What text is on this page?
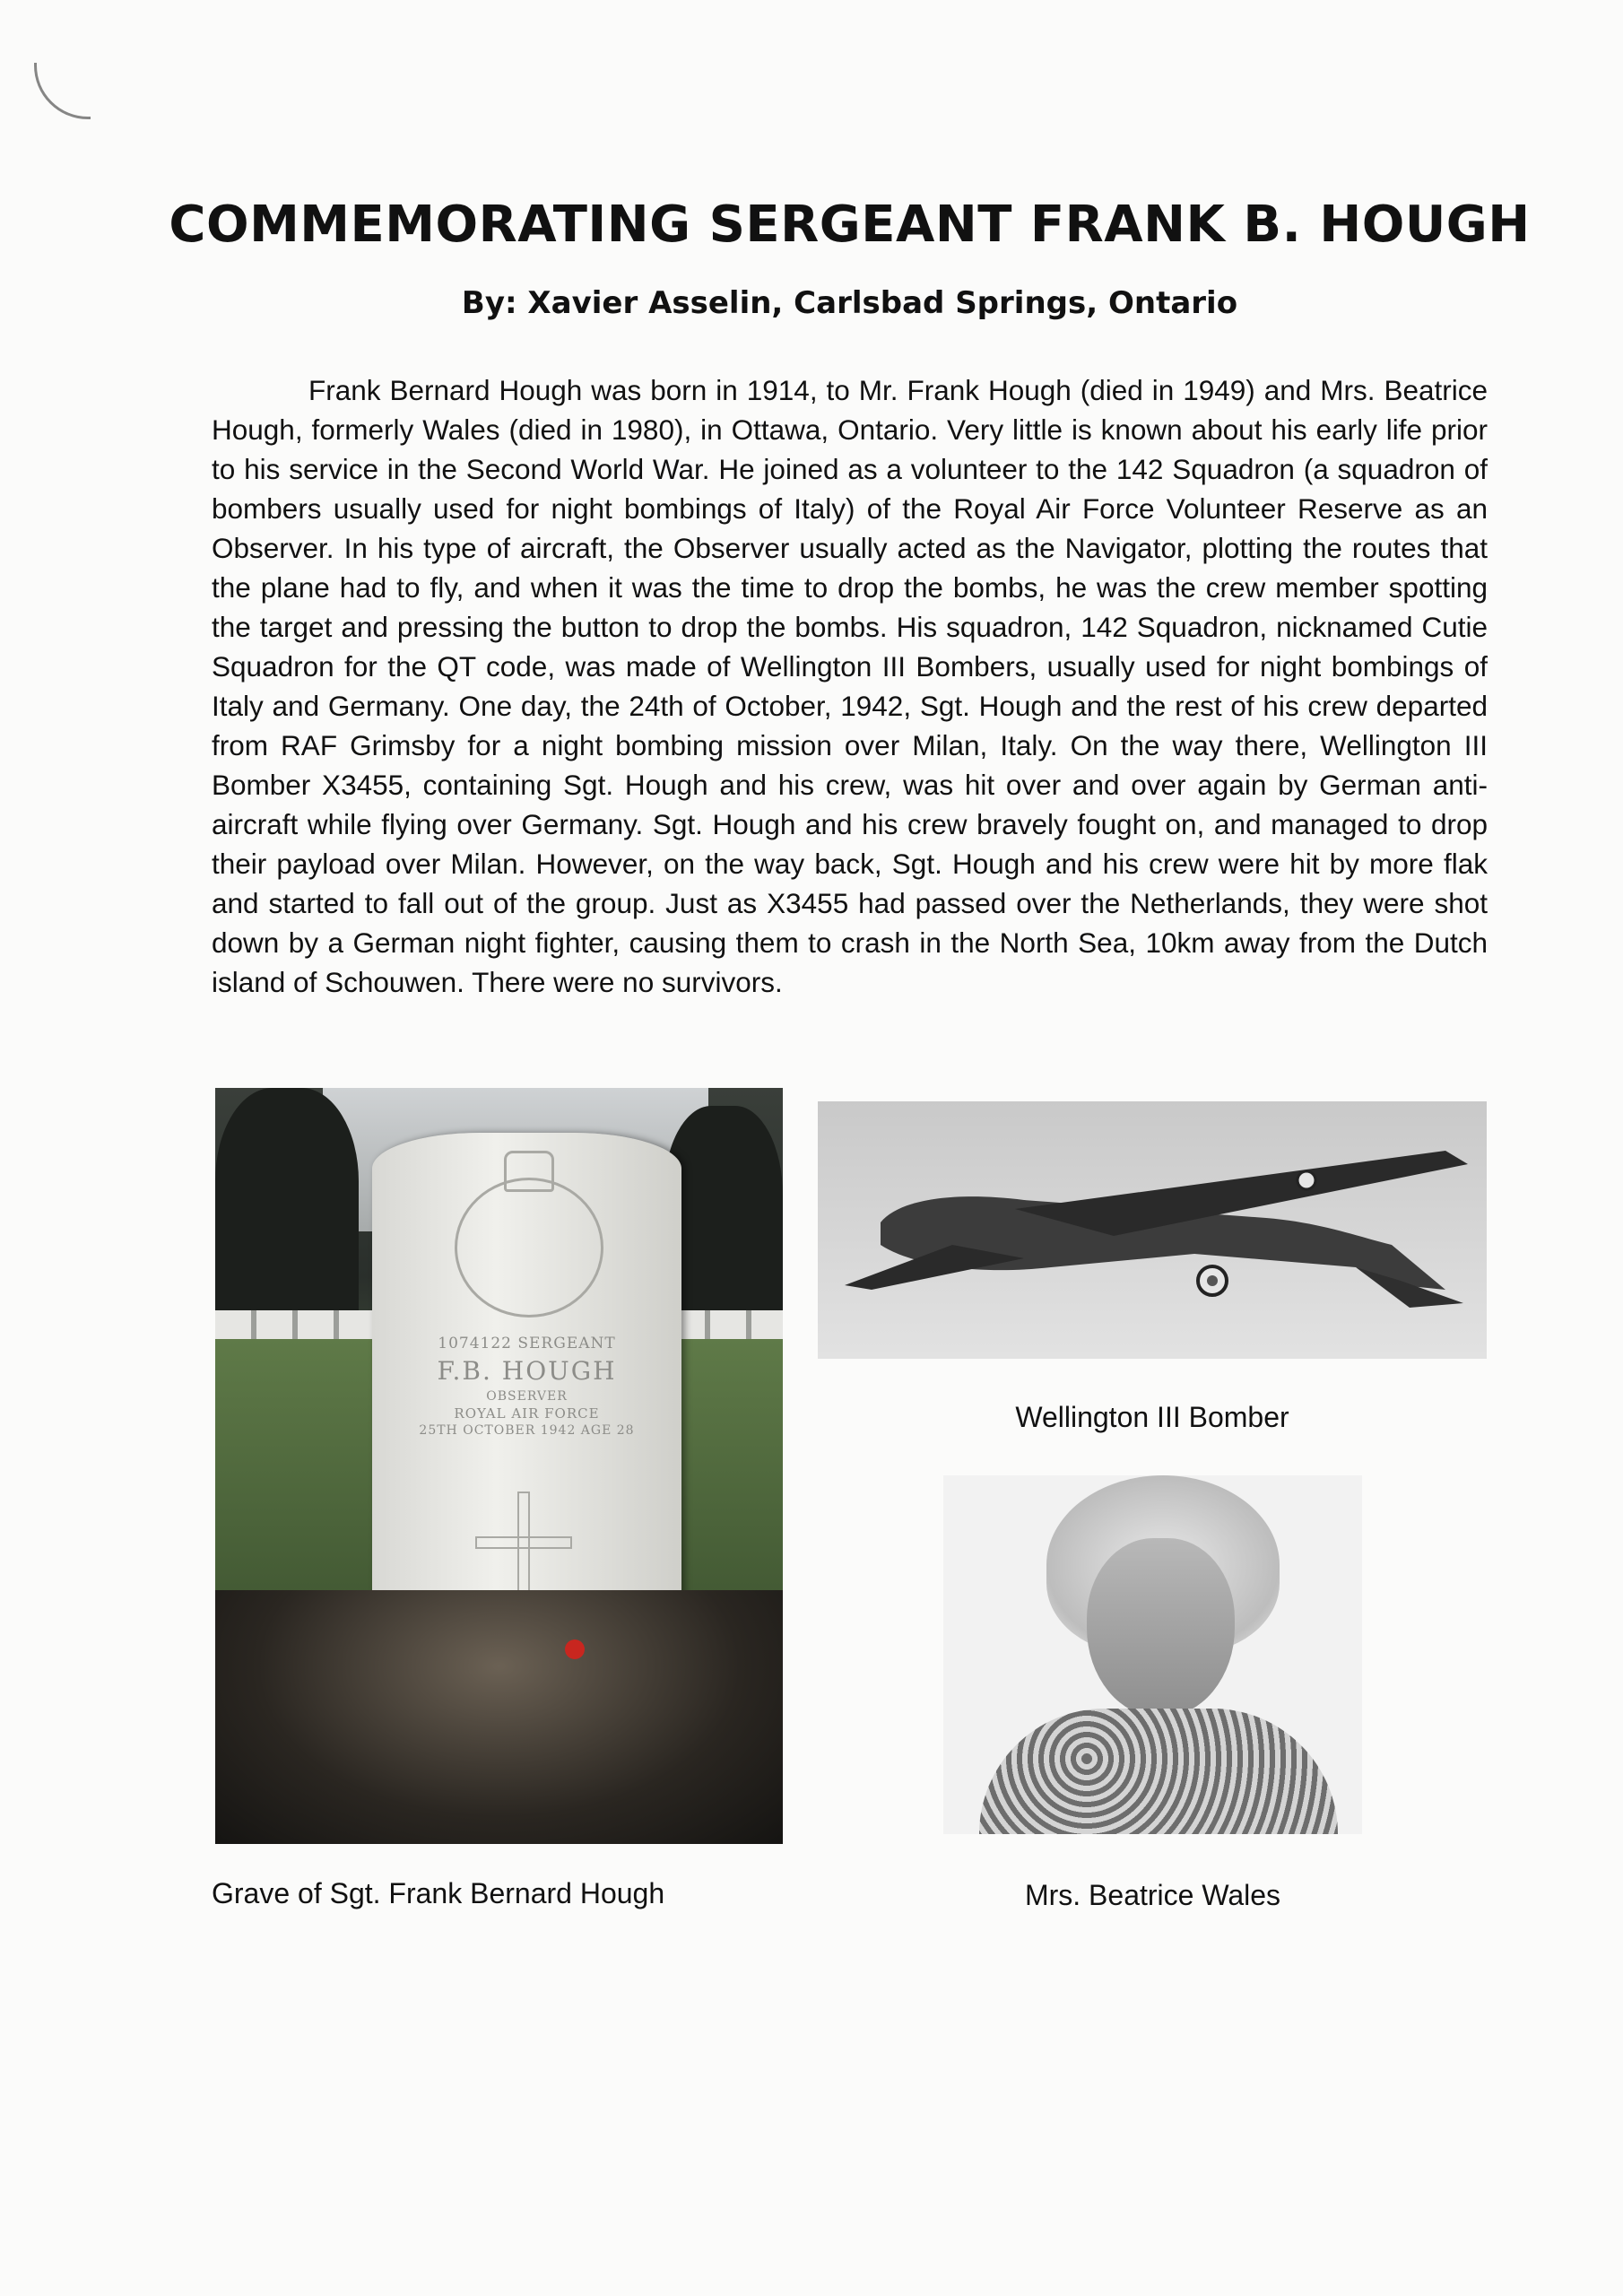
COMMEMORATING SERGEANT FRANK B. HOUGH

By: Xavier Asselin, Carlsbad Springs, Ontario

Frank Bernard Hough was born in 1914, to Mr. Frank Hough (died in 1949) and Mrs. Beatrice Hough, formerly Wales (died in 1980), in Ottawa, Ontario. Very little is known about his early life prior to his service in the Second World War. He joined as a volunteer to the 142 Squadron (a squadron of bombers usually used for night bombings of Italy) of the Royal Air Force Volunteer Reserve as an Observer. In his type of aircraft, the Observer usually acted as the Navigator, plotting the routes that the plane had to fly, and when it was the time to drop the bombs, he was the crew member spotting the target and pressing the button to drop the bombs. His squadron, 142 Squadron, nicknamed Cutie Squadron for the QT code, was made of Wellington III Bombers, usually used for night bombings of Italy and Germany. One day, the 24th of October, 1942, Sgt. Hough and the rest of his crew departed from RAF Grimsby for a night bombing mission over Milan, Italy. On the way there, Wellington III Bomber X3455, containing Sgt. Hough and his crew, was hit over and over again by German anti-aircraft while flying over Germany. Sgt. Hough and his crew bravely fought on, and managed to drop their payload over Milan. However, on the way back, Sgt. Hough and his crew were hit by more flak and started to fall out of the group. Just as X3455 had passed over the Netherlands, they were shot down by a German night fighter, causing them to crash in the North Sea, 10km away from the Dutch island of Schouwen. There were no survivors.

1074122 SERGEANT
F.B. HOUGH
OBSERVER
ROYAL AIR FORCE
25TH OCTOBER 1942 AGE 28	Wellington III Bomber

Grave of Sgt. Frank Bernard Hough	Mrs. Beatrice Wales
